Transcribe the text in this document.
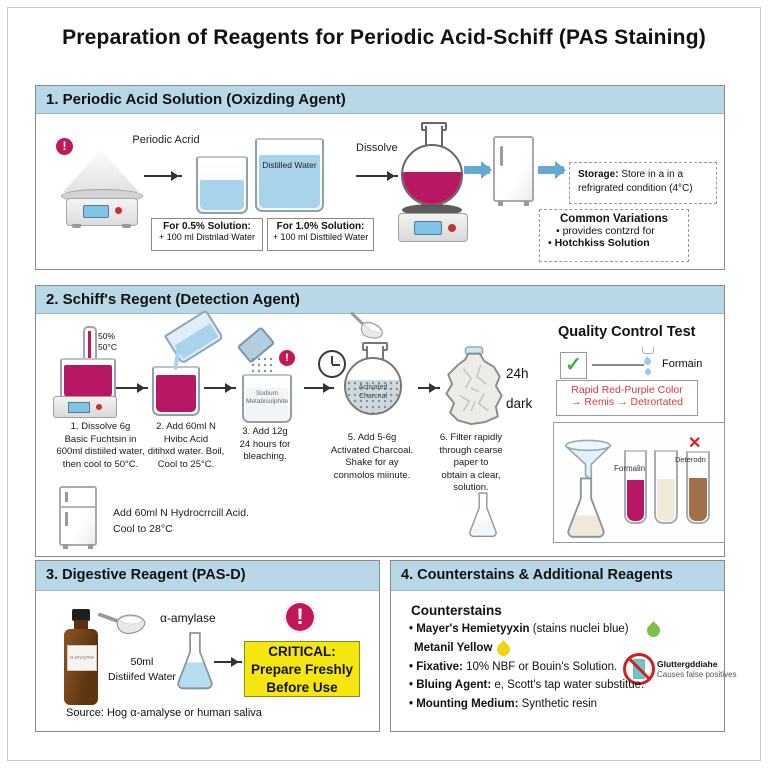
Preparation of Reagents for Periodic Acid-Schiff (PAS Staining)
1. Periodic Acid Solution (Oxizding Agent)
!	Periodic Acrid
Distilled Water
For 0.5% Solution:
+ 100 ml Distrilad Water
For 1.0% Solution:
+ 100 ml Disttiled Water
Dissolve
Storage: Store in a in a refrigrated condition (4°C)
Common Variations
• provides contzrd for
• Hotchkiss Solution
2. Schiff's Regent (Detection Agent)
50%
50°C
1. Dissolve 6g
Basic Fuchtsin in
600ml distiiled water,
then cool to 50°C.
2. Add 60ml N
Hvibc Acid
ditihxd water. Boil,
Cool to 25°C.
!
Sodium
Metabisulphite
3. Add 12g
24 hours for
bleaching.
Activated
Charcnal
5. Add 5-6g
Activated Charcoal.
Shake for ay
conmolos miinute.
24h
dark
6. Filter rapidly
through cearse paper to
obtain a clear,
solution.
Quality Control Test
✓	Formain
Rapid Red-Purple Color
→ Remis → Detrortated
Formalin
✕
Deterodn
Add 60ml N Hydrocrrcill Acid.
Cool to 28°C
3. Digestive Reagent (PAS-D)
α-enzyme
α-amylase
50ml
Distiifed Water
!
CRITICAL:
Prepare Freshly
Before Use
Source: Hog α-amalyse or human saliva
4. Counterstains & Additional Reagents
Counterstains
• Mayer's Hemietyyxin (stains nuclei blue)
Metanil Yellow
• Fixative: 10% NBF or Bouin's Solution.	Gluttergddiahe
Causes false positives
• Bluing Agent: e, Scott's tap water substitue.
• Mounting Medium: Synthetic resin
